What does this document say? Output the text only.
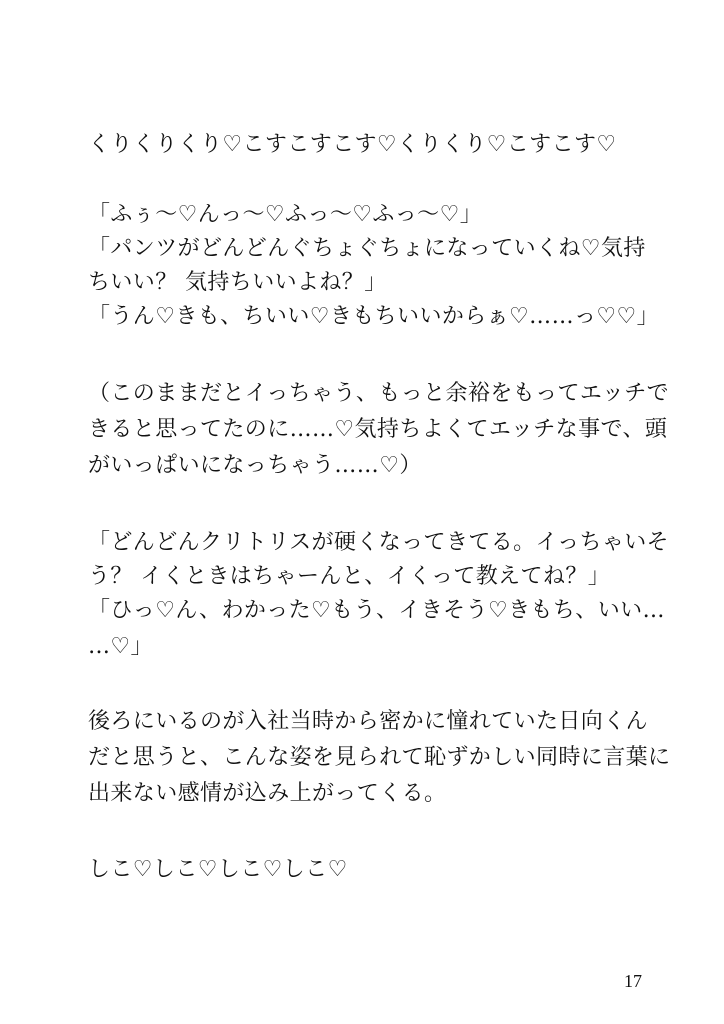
くりくりくり♡こすこすこす♡くりくり♡こすこす♡
「ふぅ～♡んっ～♡ふっ～♡ふっ～♡」
「パンツがどんどんぐちょぐちょになっていくね♡気持
ちいい？ 気持ちいいよね？」
「うん♡きも、ちいい♡きもちいいからぁ♡……っ♡♡」
（このままだとイっちゃう、もっと余裕をもってエッチで
きると思ってたのに……♡気持ちよくてエッチな事で、頭
がいっぱいになっちゃう……♡）
「どんどんクリトリスが硬くなってきてる。イっちゃいそ
う？ イくときはちゃーんと、イくって教えてね？」
「ひっ♡ん、わかった♡もう、イきそう♡きもち、いい…
…♡」
後ろにいるのが入社当時から密かに憧れていた日向くん
だと思うと、こんな姿を見られて恥ずかしい同時に言葉に
出来ない感情が込み上がってくる。
しこ♡しこ♡しこ♡しこ♡
17
